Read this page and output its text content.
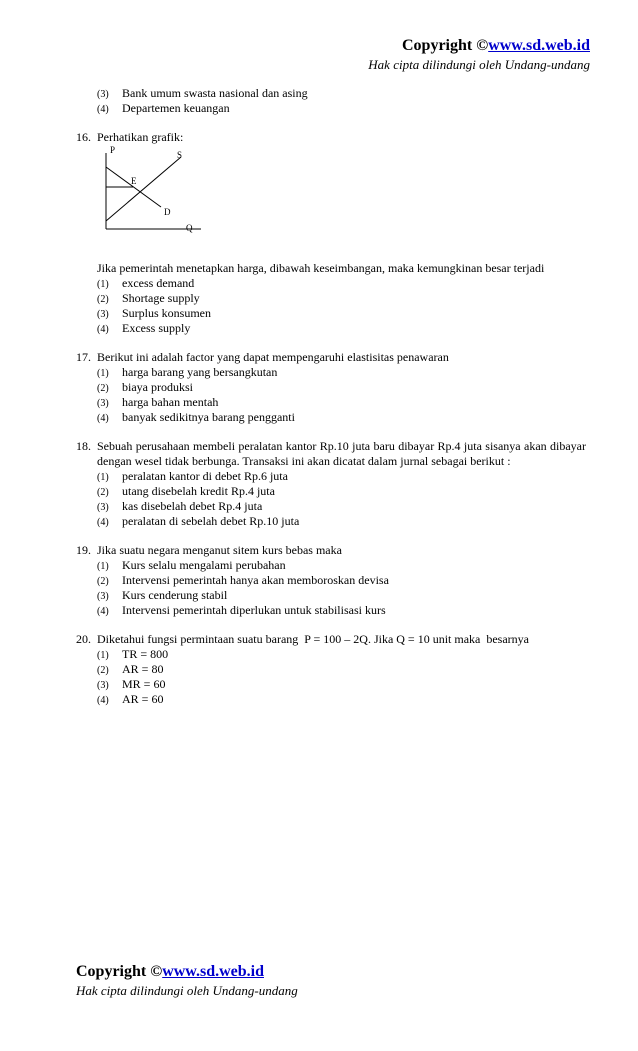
Copyright ©www.sd.web.id
Hak cipta dilindungi oleh Undang-undang
(3) Bank umum swasta nasional dan asing
(4) Departemen keuangan
16. Perhatikan grafik:
P	S
E
D
Q
Jika pemerintah menetapkan harga, dibawah keseimbangan, maka kemungkinan besar terjadi
(1) excess demand
(2) Shortage supply
(3) Surplus konsumen
(4) Excess supply
17. Berikut ini adalah factor yang dapat mempengaruhi elastisitas penawaran
(1) harga barang yang bersangkutan
(2) biaya produksi
(3) harga bahan mentah
(4) banyak sedikitnya barang pengganti
18. Sebuah perusahaan membeli peralatan kantor Rp.10 juta baru dibayar Rp.4 juta sisanya akan dibayar dengan wesel tidak berbunga. Transaksi ini akan dicatat dalam jurnal sebagai berikut :
(1) peralatan kantor di debet Rp.6 juta
(2) utang disebelah kredit Rp.4 juta
(3) kas disebelah debet Rp.4 juta
(4) peralatan di sebelah debet Rp.10 juta
19. Jika suatu negara menganut sitem kurs bebas maka
(1) Kurs selalu mengalami perubahan
(2) Intervensi pemerintah hanya akan memboroskan devisa
(3) Kurs cenderung stabil
(4) Intervensi pemerintah diperlukan untuk stabilisasi kurs
20. Diketahui fungsi permintaan suatu barang  P = 100 – 2Q. Jika Q = 10 unit maka  besarnya
(1) TR = 800
(2) AR = 80
(3) MR = 60
(4) AR = 60
Copyright ©www.sd.web.id
Hak cipta dilindungi oleh Undang-undang
